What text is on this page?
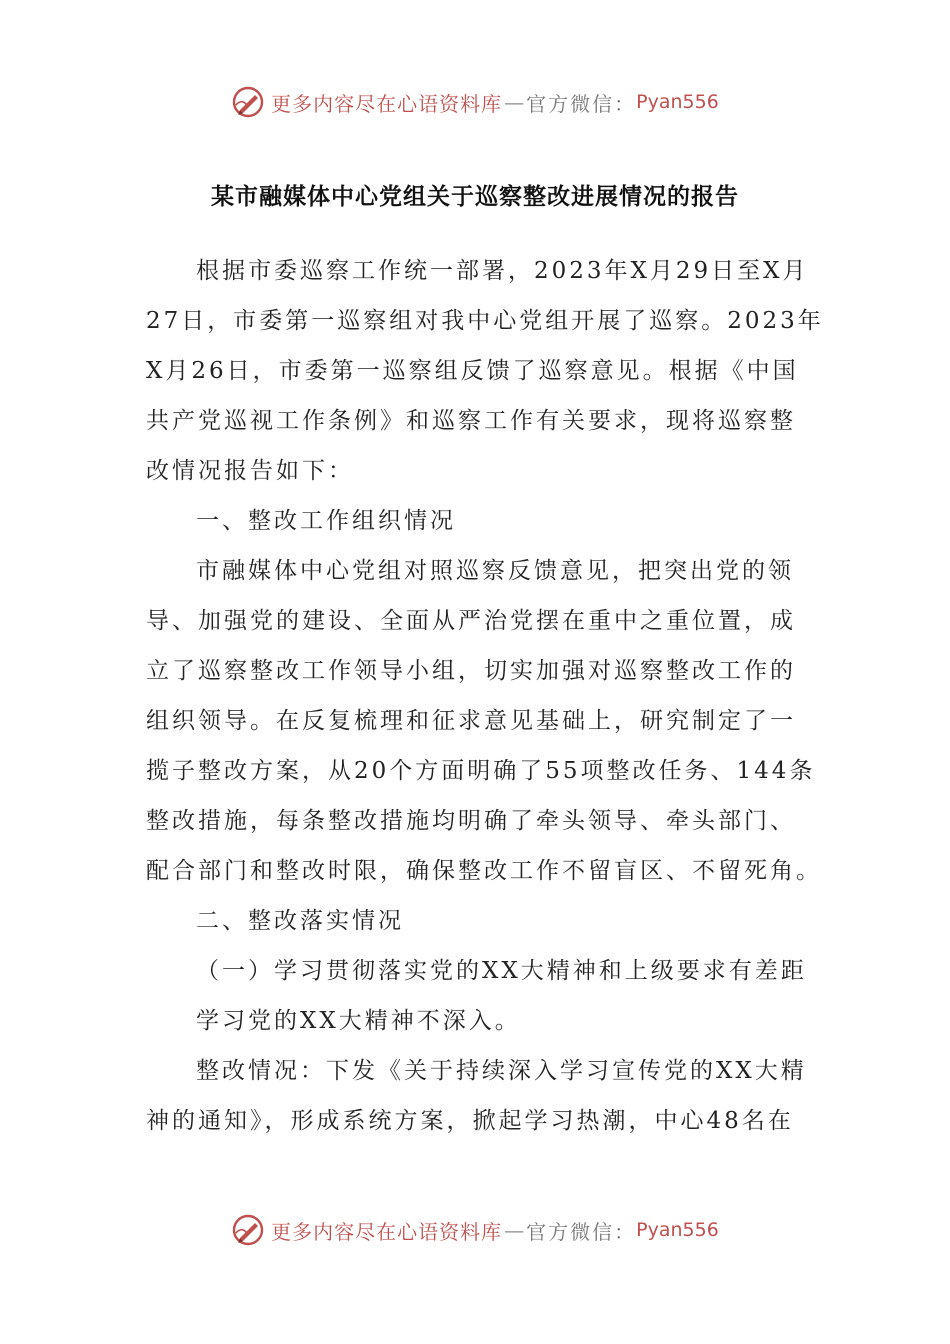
更多内容尽在心语资料库 — 官方微信： Pyan556
某市融媒体中心党组关于巡察整改进展情况的报告
根据市委巡察工作统一部署，2023年X月29日至X月
27日，市委第一巡察组对我中心党组开展了巡察。2023年
X月26日，市委第一巡察组反馈了巡察意见。根据《中国
共产党巡视工作条例》和巡察工作有关要求，现将巡察整
改情况报告如下：
一、整改工作组织情况
市融媒体中心党组对照巡察反馈意见，把突出党的领
导、加强党的建设、全面从严治党摆在重中之重位置，成
立了巡察整改工作领导小组，切实加强对巡察整改工作的
组织领导。在反复梳理和征求意见基础上，研究制定了一
揽子整改方案，从20个方面明确了55项整改任务、144条
整改措施，每条整改措施均明确了牵头领导、牵头部门、
配合部门和整改时限，确保整改工作不留盲区、不留死角。
二、整改落实情况
（一）学习贯彻落实党的XX大精神和上级要求有差距
学习党的XX大精神不深入。
整改情况：下发《关于持续深入学习宣传党的XX大精
神的通知》，形成系统方案，掀起学习热潮，中心48名在
更多内容尽在心语资料库 — 官方微信： Pyan556
